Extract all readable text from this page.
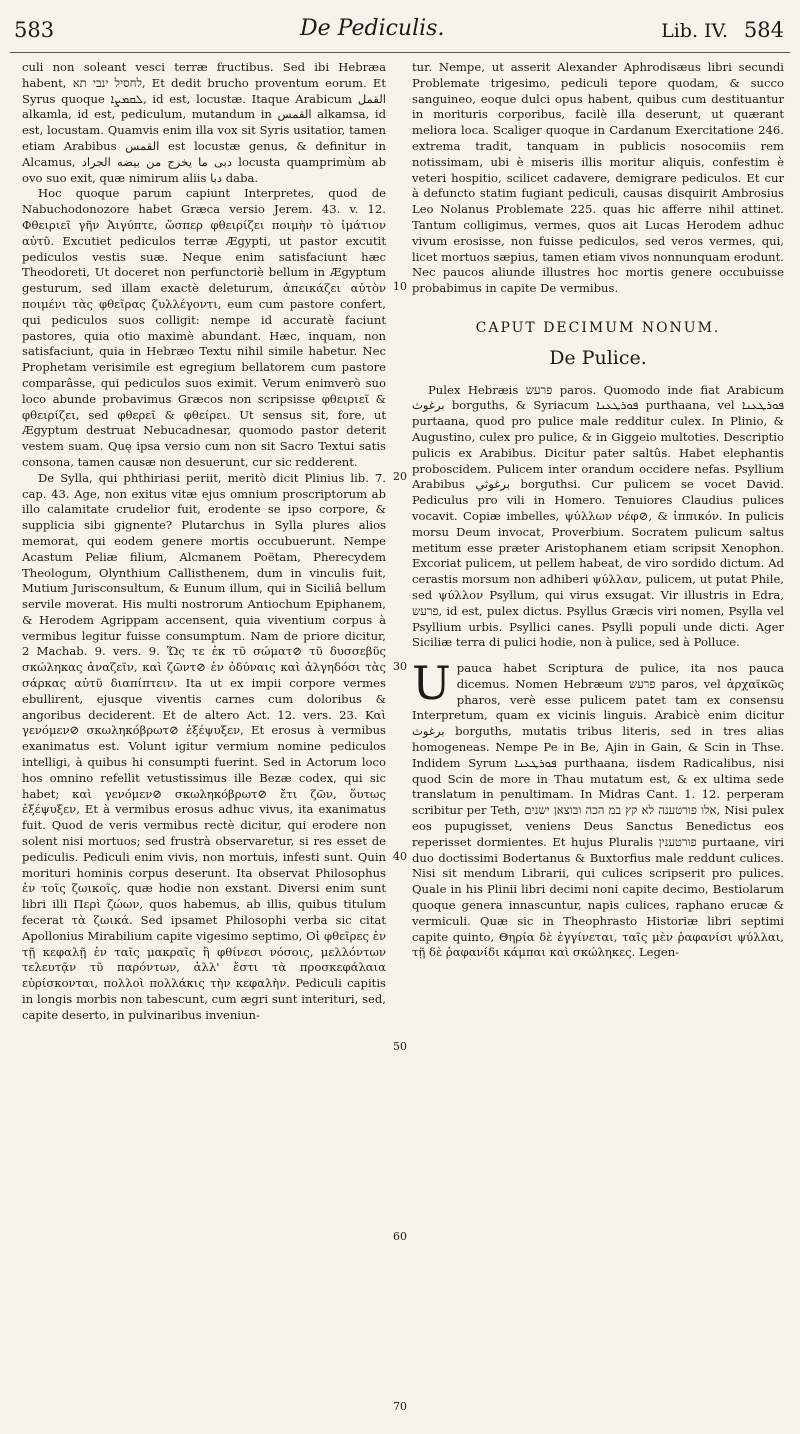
583	De Pediculis.	Lib. IV. 584
10
20
30
40
50
60
70

culi non soleant vesci terræ fructibus. Sed ibi Hebræa habent, לחסיל ינבי תא, Et dedit brucho proventum eorum. Et Syrus quoque ܠܩܡܨܐ, id est, locustæ. Itaque Arabicum القمل alkamla, id est, pediculum, mutandum in القمس alkamsa, id est, locustam. Quamvis enim illa vox sit Syris usitatior, tamen etiam Arabibus القمس est locustæ genus, & definitur in Alcamus, دبى ما يخرج من بيضه الجراد locusta quamprimùm ab ovo suo exit, quæ nimirum aliis دبا daba.

Hoc quoque parum capiunt Interpretes, quod de Nabuchodonozore habet Græca versio Jerem. 43. v. 12. Φθειριεῖ γῆν Ἀιγύπτε, ὥσπερ φθειρίζει ποιμὴν τὸ ἱμάτιον αὐτῦ. Excutiet pediculos terræ Ægypti, ut pastor excutit pediculos vestis suæ. Neque enim satisfaciunt hæc Theodoreti, Ut doceret non perfunctoriè bellum in Ægyptum gesturum, sed illam exactè deleturum, ἀπεικάζει αὐτὸν ποιμένι τὰς φθεῖρας ζυλλέγοντι, eum cum pastore confert, qui pediculos suos colligit: nempe id accuratè faciunt pastores, quia otio maximè abundant. Hæc, inquam, non satisfaciunt, quia in Hebræo Textu nihil simile habetur. Nec Prophetam verisimile est egregium bellatorem cum pastore comparâsse, qui pediculos suos eximit. Verum enimverò suo loco abunde probavimus Græcos non scripsisse φθειριεῖ & φθειρίζει, sed φθερεῖ & φθείρει. Ut sensus sit, fore, ut Ægyptum destruat Nebucadnesar, quomodo pastor deterit vestem suam. Quę ipsa versio cum non sit Sacro Textui satis consona, tamen causæ non desuerunt, cur sic redderent.

De Sylla, qui phthiriasi periit, meritò dicit Plinius lib. 7. cap. 43. Age, non exitus vitæ ejus omnium proscriptorum ab illo calamitate crudelior fuit, erodente se ipso corpore, & supplicia sibi gignente? Plutarchus in Sylla plures alios memorat, qui eodem genere mortis occubuerunt. Nempe Acastum Peliæ filium, Alcmanem Poëtam, Pherecydem Theologum, Olynthium Callisthenem, dum in vinculis fuit, Mutium Jurisconsultum, & Eunum illum, qui in Siciliâ bellum servile moverat. His multi nostrorum Antiochum Epiphanem, & Herodem Agrippam accensent, quia viventium corpus à vermibus legitur fuisse consumptum. Nam de priore dicitur, 2 Machab. 9. vers. 9. Ὥς τε ἐκ τῦ σώματ⊘ τῦ δυσσεβῦς σκώληκας ἀναζεῖν, καὶ ζῶντ⊘ ἐν ὀδύναις καὶ ἀλγηδόσι τὰς σάρκας αὐτῦ διαπίπτειν. Ita ut ex impii corpore vermes ebullirent, ejusque viventis carnes cum doloribus & angoribus deciderent. Et de altero Act. 12. vers. 23. Καὶ γενόμεν⊘ σκωληκόβρωτ⊘ ἐξέψυξεν, Et erosus à vermibus exanimatus est. Volunt igitur vermium nomine pediculos intelligi, à quibus hi consumpti fuerint. Sed in Actorum loco hos omnino refellit vetustissimus ille Bezæ codex, qui sic habet; καὶ γενόμεν⊘ σκωληκόβρωτ⊘ ἔτι ζῶν, ὅυτως ἐξέψυξεν, Et à vermibus erosus adhuc vivus, ita exanimatus fuit. Quod de veris vermibus rectè dicitur, qui erodere non solent nisi mortuos; sed frustrà observaretur, si res esset de pediculis. Pediculi enim vivis, non mortuis, infesti sunt. Quin morituri hominis corpus deserunt. Ita observat Philosophus ἐν τοῖς ζωικοῖς, quæ hodie non exstant. Diversi enim sunt libri illi Περὶ ζώων, quos habemus, ab illis, quibus titulum fecerat τὰ ζωικά. Sed ipsamet Philosophi verba sic citat Apollonius Mirabilium capite vigesimo septimo, Οἱ φθεῖρες ἐν τῇ κεφαλῇ ἐν ταῖς μακραῖς ἢ φθίνεσι νόσοις, μελλόντων τελευτᾷν τῦ παρόντων, ἀλλ' ἔστι τὰ προσκεφάλαια εὑρίσκονται, πολλοὶ πολλάκις τὴν κεφαλὴν. Pediculi capitis in longis morbis non tabescunt, cum ægri sunt interituri, sed, capite deserto, in pulvinaribus inveniun-

tur. Nempe, ut asserit Alexander Aphrodisæus libri secundi Problemate trigesimo, pediculi tepore quodam, & succo sanguineo, eoque dulci opus habent, quibus cum destituantur in morituris corporibus, facilè illa deserunt, ut quærant meliora loca. Scaliger quoque in Cardanum Exercitatione 246. extrema tradit, tanquam in publicis nosocomiis rem notissimam, ubi è miseris illis moritur aliquis, confestim è veteri hospitio, scilicet cadavere, demigrare pediculos. Et cur à defuncto statim fugiant pediculi, causas disquirit Ambrosius Leo Nolanus Problemate 225. quas hic afferre nihil attinet. Tantum colligimus, vermes, quos ait Lucas Herodem adhuc vivum erosisse, non fuisse pediculos, sed veros vermes, qui, licet mortuos sæpius, tamen etiam vivos nonnunquam erodunt. Nec paucos aliunde illustres hoc mortis genere occubuisse probabimus in capite De vermibus.

CAPUT DECIMUM NONUM.
De Pulice.

Pulex Hebræis פרעש paros. Quomodo inde fiat Arabicum برغوث borguths, & Syriacum ܦܘܪܛܥܢܐ purthaana, vel ܦܘܪܛܥܢܐ purtaana, quod pro pulice male redditur culex. In Plinio, & Augustino, culex pro pulice, & in Giggeio multoties. Descriptio pulicis ex Arabibus. Dicitur pater saltûs. Habet elephantis proboscidem. Pulicem inter orandum occidere nefas. Psyllium Arabibus برغوثي borguthsi. Cur pulicem se vocet David. Pediculus pro vili in Homero. Tenuiores Claudius pulices vocavit. Copiæ imbelles, ψύλλων νέφ⊘, & ἱππικόν. In pulicis morsu Deum invocat, Proverbium. Socratem pulicum saltus metitum esse præter Aristophanem etiam scripsit Xenophon. Excoriat pulicem, ut pellem habeat, de viro sordido dictum. Ad cerastis morsum non adhiberi ψύλλαν, pulicem, ut putat Phile, sed ψύλλον Psyllum, qui virus exsugat. Vir illustris in Edra, פרעש, id est, pulex dictus. Psyllus Græcis viri nomen, Psylla vel Psyllium urbis. Psyllici canes. Psylli populi unde dicti. Ager Siciliæ terra di pulici hodie, non à pulice, sed à Polluce.

Upauca habet Scriptura de pulice, ita nos pauca dicemus. Nomen Hebræum פרעש paros, vel ἀρχαϊκῶς pharos, verè esse pulicem patet tam ex consensu Interpretum, quam ex vicinis linguis. Arabicè enim dicitur برغوث borguths, mutatis tribus literis, sed in tres alias homogeneas. Nempe Pe in Be, Ajin in Gain, & Scin in Thse. Indidem Syrum ܦܘܪܛܥܢܐ purthaana, iisdem Radicalibus, nisi quod Scin de more in Thau mutatum est, & ex ultima sede translatum in penultimam. In Midras Cant. 1. 12. perperam scribitur per Teth, אלו פורטענה לא קץ במ הכה ובוצאן ישנים, Nisi pulex eos pupugisset, veniens Deus Sanctus Benedictus eos reperisset dormientes. Et hujus Pluralis פורטענין purtaane, viri duo doctissimi Bodertanus & Buxtorfius male reddunt culices. Nisi sit mendum Librarii, qui culices scripserit pro pulices. Quale in his Plinii libri decimi noni capite decimo, Bestiolarum quoque genera innascuntur, napis culices, raphano erucæ & vermiculi. Quæ sic in Theophrasto Historiæ libri septimi capite quinto, Θηρία δὲ ἐγγίνεται, ταῖς μὲν ῥαφανίσι ψύλλαι, τῇ δὲ ῥαφανίδι κάμπαι καὶ σκώληκες. Legen-
